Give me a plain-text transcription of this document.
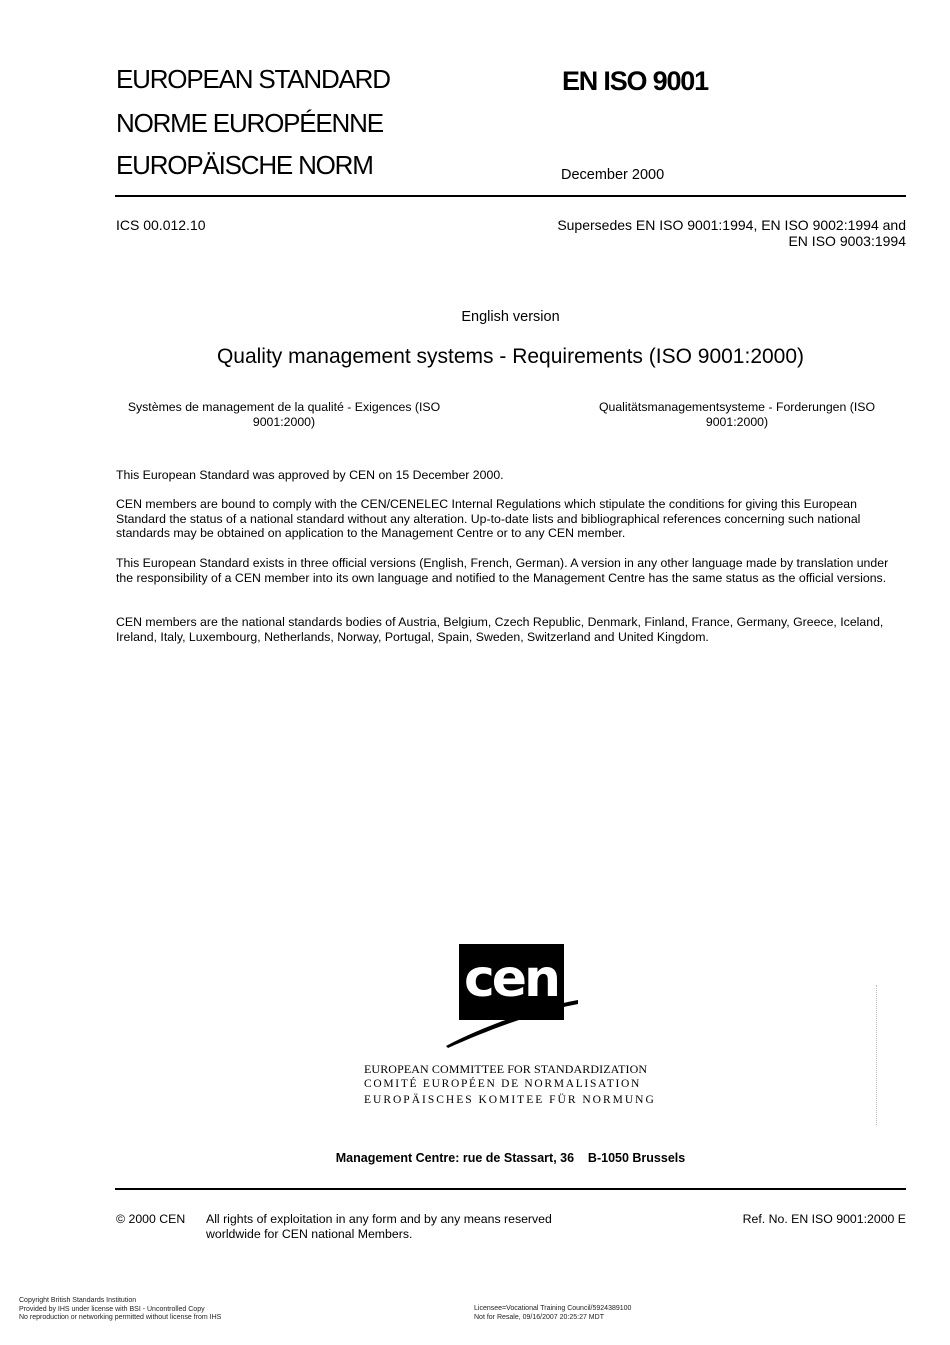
EUROPEAN STANDARD
NORME EUROPÉENNE
EUROPÄISCHE NORM
EN ISO 9001
December 2000
ICS 00.012.10	Supersedes EN ISO 9001:1994, EN ISO 9002:1994 and
EN ISO 9003:1994
English version
Quality management systems - Requirements (ISO 9001:2000)
Systèmes de management de la qualité - Exigences (ISO
9001:2000)
Qualitätsmanagementsysteme - Forderungen (ISO
9001:2000)
This European Standard was approved by CEN on 15 December 2000.
CEN members are bound to comply with the CEN/CENELEC Internal Regulations which stipulate the conditions for giving this European Standard the status of a national standard without any alteration. Up-to-date lists and bibliographical references concerning such national standards may be obtained on application to the Management Centre or to any CEN member.
This European Standard exists in three official versions (English, French, German). A version in any other language made by translation under the responsibility of a CEN member into its own language and notified to the Management Centre has the same status as the official versions.
CEN members are the national standards bodies of Austria, Belgium, Czech Republic, Denmark, Finland, France, Germany, Greece, Iceland, Ireland, Italy, Luxembourg, Netherlands, Norway, Portugal, Spain, Sweden, Switzerland and United Kingdom.
cen
EUROPEAN COMMITTEE FOR STANDARDIZATION
COMITÉ EUROPÉEN DE NORMALISATION
EUROPÄISCHES KOMITEE FÜR NORMUNG
Management Centre: rue de Stassart, 36    B-1050 Brussels
© 2000 CEN All rights of exploitation in any form and by any means reserved
worldwide for CEN national Members.
Ref. No. EN ISO 9001:2000 E
Copyright British Standards Institution
Provided by IHS under license with BSI - Uncontrolled Copy
No reproduction or networking permitted without license from IHS
Licensee=Vocational Training Council/5924389100
Not for Resale, 09/16/2007 20:25:27 MDT
